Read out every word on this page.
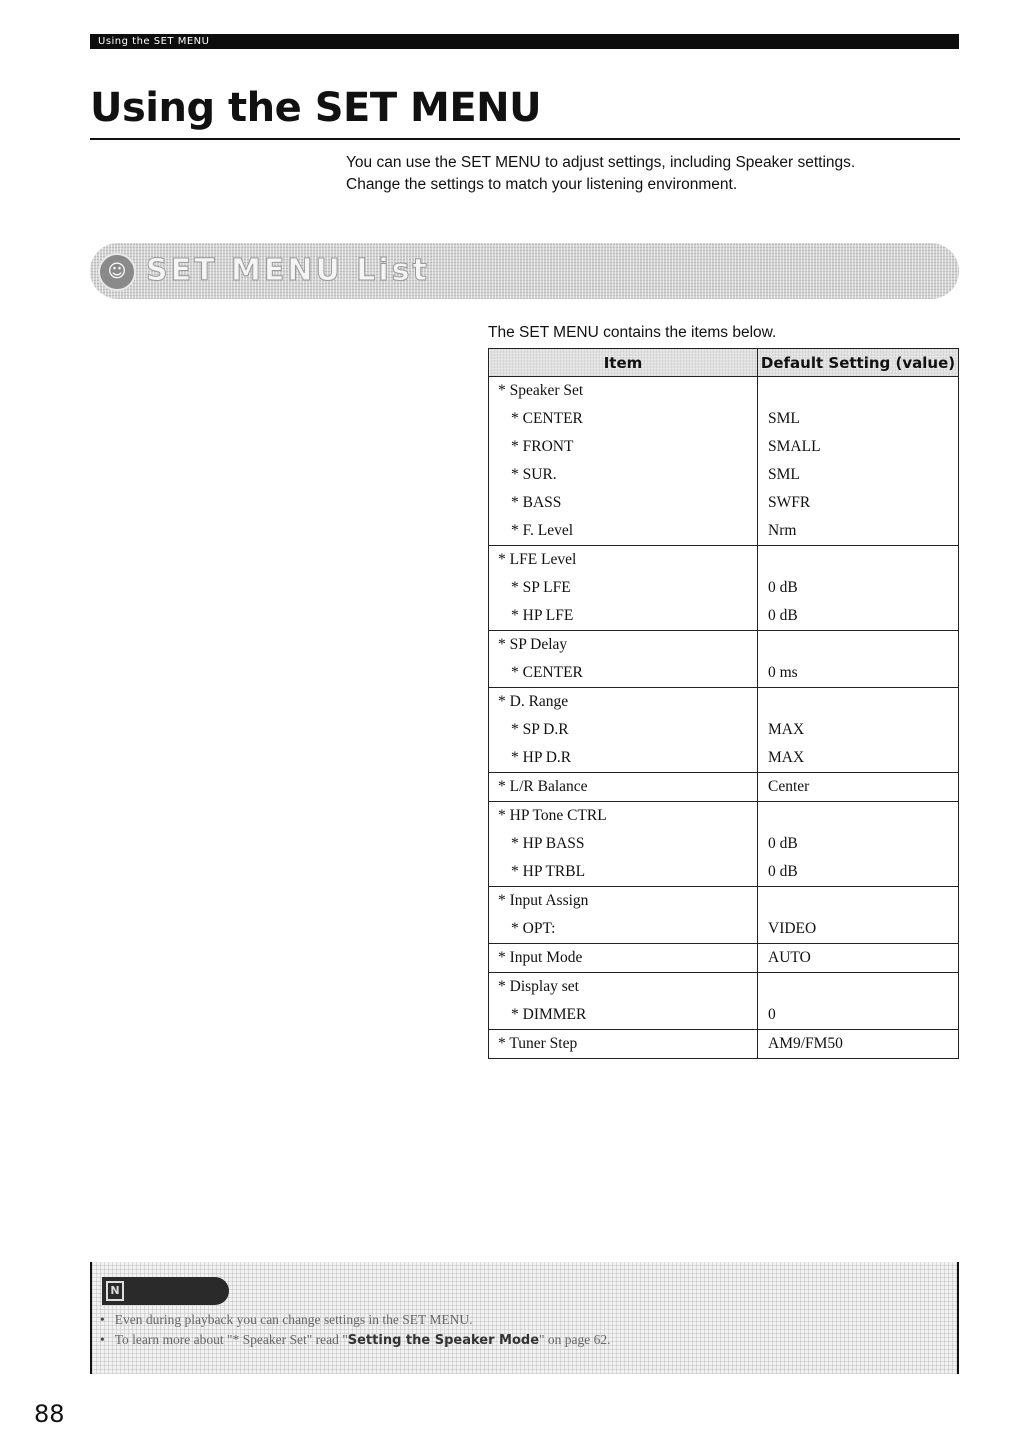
Using the SET MENU
Using the SET MENU
You can use the SET MENU to adjust settings, including Speaker settings.
Change the settings to match your listening environment.
☺ SET MENU List
The SET MENU contains the items below.
Item	Default Setting (value)
* Speaker Set	
* CENTER	SML
* FRONT	SMALL
* SUR.	SML
* BASS	SWFR
* F. Level	Nrm
* LFE Level	
* SP LFE	0 dB
* HP LFE	0 dB
* SP Delay	
* CENTER	0 ms
* D. Range	
* SP D.R	MAX
* HP D.R	MAX
* L/R Balance	Center
* HP Tone CTRL	
* HP BASS	0 dB
* HP TRBL	0 dB
* Input Assign	
* OPT:	VIDEO
* Input Mode	AUTO
* Display set	
* DIMMER	0
* Tuner Step	AM9/FM50
N
• Even during playback you can change settings in the SET MENU.
• To learn more about "* Speaker Set" read "Setting the Speaker Mode" on page 62.
88
